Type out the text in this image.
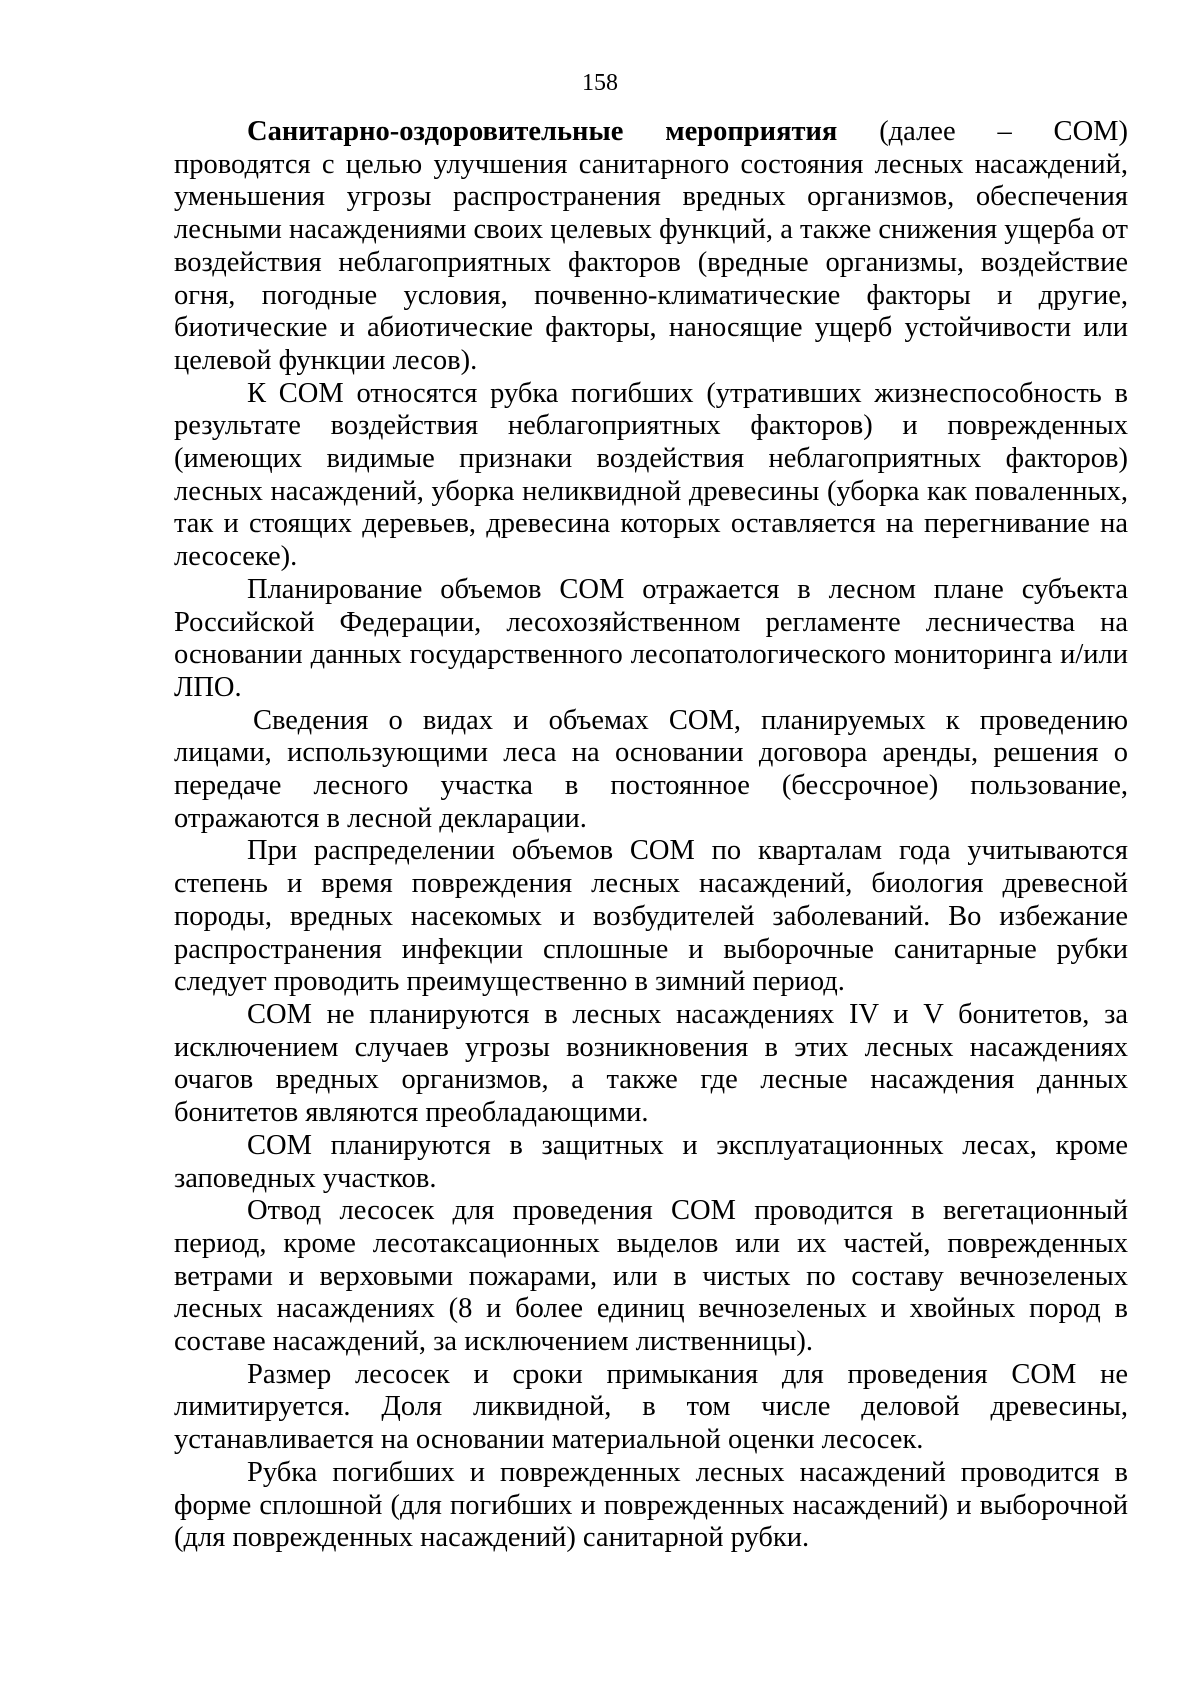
158

Санитарно-оздоровительные мероприятия (далее – СОМ) проводятся с целью улучшения санитарного состояния лесных насаждений, уменьшения угрозы распространения вредных организмов, обеспечения лесными насаждениями своих целевых функций, а также снижения ущерба от воздействия неблагоприятных факторов (вредные организмы, воздействие огня, погодные условия, почвенно-климатические факторы и другие, биотические и абиотические факторы, наносящие ущерб устойчивости или целевой функции лесов).

К СОМ относятся рубка погибших (утративших жизнеспособность в результате воздействия неблагоприятных факторов) и поврежденных (имеющих видимые признаки воздействия неблагоприятных факторов) лесных насаждений, уборка неликвидной древесины (уборка как поваленных, так и стоящих деревьев, древесина которых оставляется на перегнивание на лесосеке).

Планирование объемов СОМ отражается в лесном плане субъекта Российской Федерации, лесохозяйственном регламенте лесничества на основании данных государственного лесопатологического мониторинга и/или ЛПО.

Сведения о видах и объемах СОМ, планируемых к проведению лицами, использующими леса на основании договора аренды, решения о передаче лесного участка в постоянное (бессрочное) пользование, отражаются в лесной декларации.

При распределении объемов СОМ по кварталам года учитываются степень и время повреждения лесных насаждений, биология древесной породы, вредных насекомых и возбудителей заболеваний. Во избежание распространения инфекции сплошные и выборочные санитарные рубки следует проводить преимущественно в зимний период.

СОМ не планируются в лесных насаждениях IV и V бонитетов, за исключением случаев угрозы возникновения в этих лесных насаждениях очагов вредных организмов, а также где лесные насаждения данных бонитетов являются преобладающими.

СОМ планируются в защитных и эксплуатационных лесах, кроме заповедных участков.

Отвод лесосек для проведения СОМ проводится в вегетационный период, кроме лесотаксационных выделов или их частей, поврежденных ветрами и верховыми пожарами, или в чистых по составу вечнозеленых лесных насаждениях (8 и более единиц вечнозеленых и хвойных пород в составе насаждений, за исключением лиственницы).

Размер лесосек и сроки примыкания для проведения СОМ не лимитируется. Доля ликвидной, в том числе деловой древесины, устанавливается на основании материальной оценки лесосек.

Рубка погибших и поврежденных лесных насаждений проводится в форме сплошной (для погибших и поврежденных насаждений) и выборочной (для поврежденных насаждений) санитарной рубки.
